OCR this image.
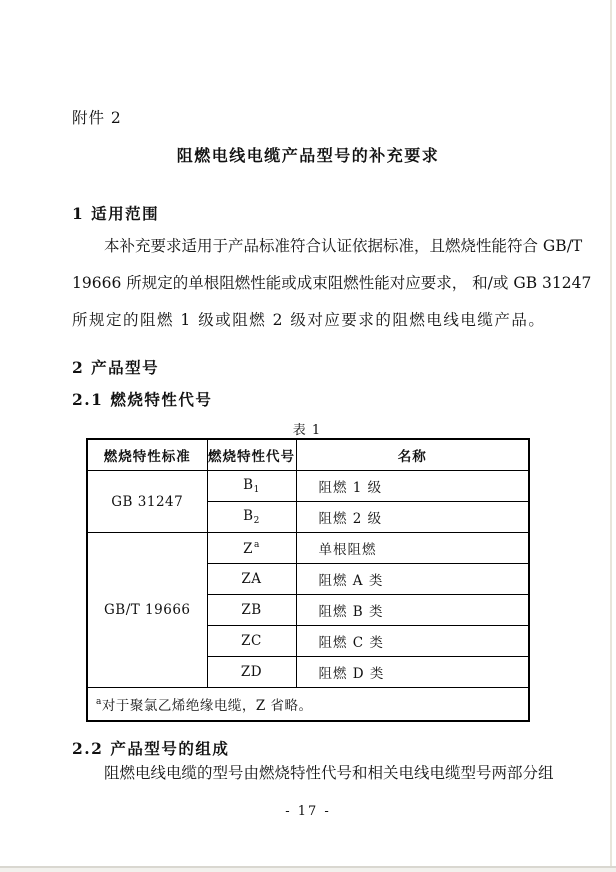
附件 2
阻燃电线电缆产品型号的补充要求
1 适用范围
本补充要求适用于产品标准符合认证依据标准，且燃烧性能符合 GB/T
19666 所规定的单根阻燃性能或成束阻燃性能对应要求， 和/或 GB 31247
所规定的阻燃 1 级或阻燃 2 级对应要求的阻燃电线电缆产品。
2 产品型号
2.1 燃烧特性代号
表 1
燃烧特性标准	燃烧特性代号	名称
GB 31247	$B_1$	阻燃 1 级
	$B_2$	阻燃 2 级
GB/T 19666	$Z^a$	单根阻燃
	ZA	阻燃 A 类
	ZB	阻燃 B 类
	ZC	阻燃 C 类
	ZD	阻燃 D 类
$^a$对于聚氯乙烯绝缘电缆，Z 省略。		
2.2 产品型号的组成
阻燃电线电缆的型号由燃烧特性代号和相关电线电缆型号两部分组
- 17 -
